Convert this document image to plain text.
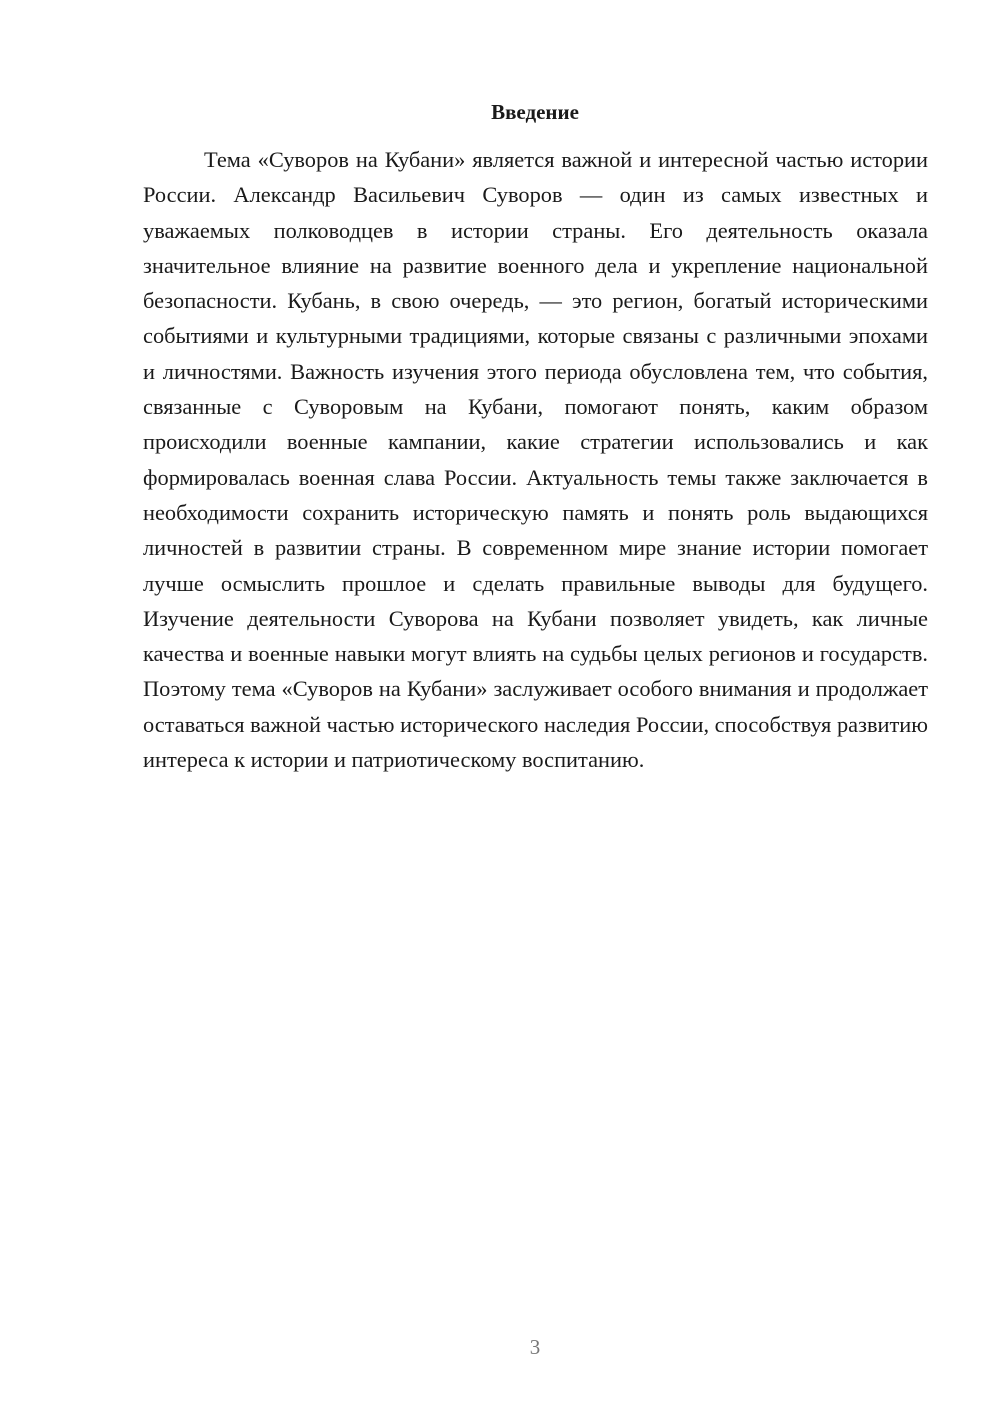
Введение

Тема «Суворов на Кубани» является важной и интересной частью истории России. Александр Васильевич Суворов — один из самых известных и уважаемых полководцев в истории страны. Его деятельность оказала значительное влияние на развитие военного дела и укрепление национальной безопасности. Кубань, в свою очередь, — это регион, богатый историческими событиями и культурными традициями, которые связаны с различными эпохами и личностями. Важность изучения этого периода обусловлена тем, что события, связанные с Суворовым на Кубани, помогают понять, каким образом происходили военные кампании, какие стратегии использовались и как формировалась военная слава России. Актуальность темы также заключается в необходимости сохранить историческую память и понять роль выдающихся личностей в развитии страны. В современном мире знание истории помогает лучше осмыслить прошлое и сделать правильные выводы для будущего. Изучение деятельности Суворова на Кубани позволяет увидеть, как личные качества и военные навыки могут влиять на судьбы целых регионов и государств. Поэтому тема «Суворов на Кубани» заслуживает особого внимания и продолжает оставаться важной частью исторического наследия России, способствуя развитию интереса к истории и патриотическому воспитанию.

3
